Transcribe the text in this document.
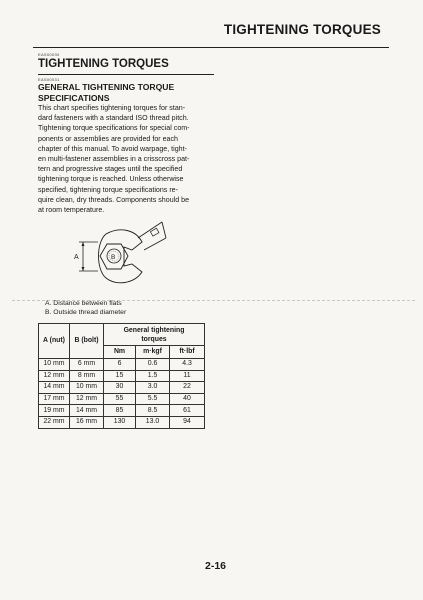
TIGHTENING TORQUES
EAS00030
TIGHTENING TORQUES
EAS00031
GENERAL TIGHTENING TORQUE
SPECIFICATIONS
This chart specifies tightening torques for stan-
dard fasteners with a standard ISO thread pitch.
Tightening torque specifications for special com-
ponents or assemblies are provided for each
chapter of this manual. To avoid warpage, tight-
en multi-fastener assemblies in a crisscross pat-
tern and progressive stages until the specified
tightening torque is reached. Unless otherwise
specified, tightening torque specifications re-
quire clean, dry threads. Components should be
at room temperature.
A	B
A. Distance between flats
B. Outside thread diameter
A (nut)	B (bolt)	General tightening
torques		

		Nm	m·kgf	ft·lbf
10 mm	6 mm	6	0.6	4.3
12 mm	8 mm	15	1.5	11
14 mm	10 mm	30	3.0	22
17 mm	12 mm	55	5.5	40
19 mm	14 mm	85	8.5	61
22 mm	16 mm	130	13.0	94
2-16
